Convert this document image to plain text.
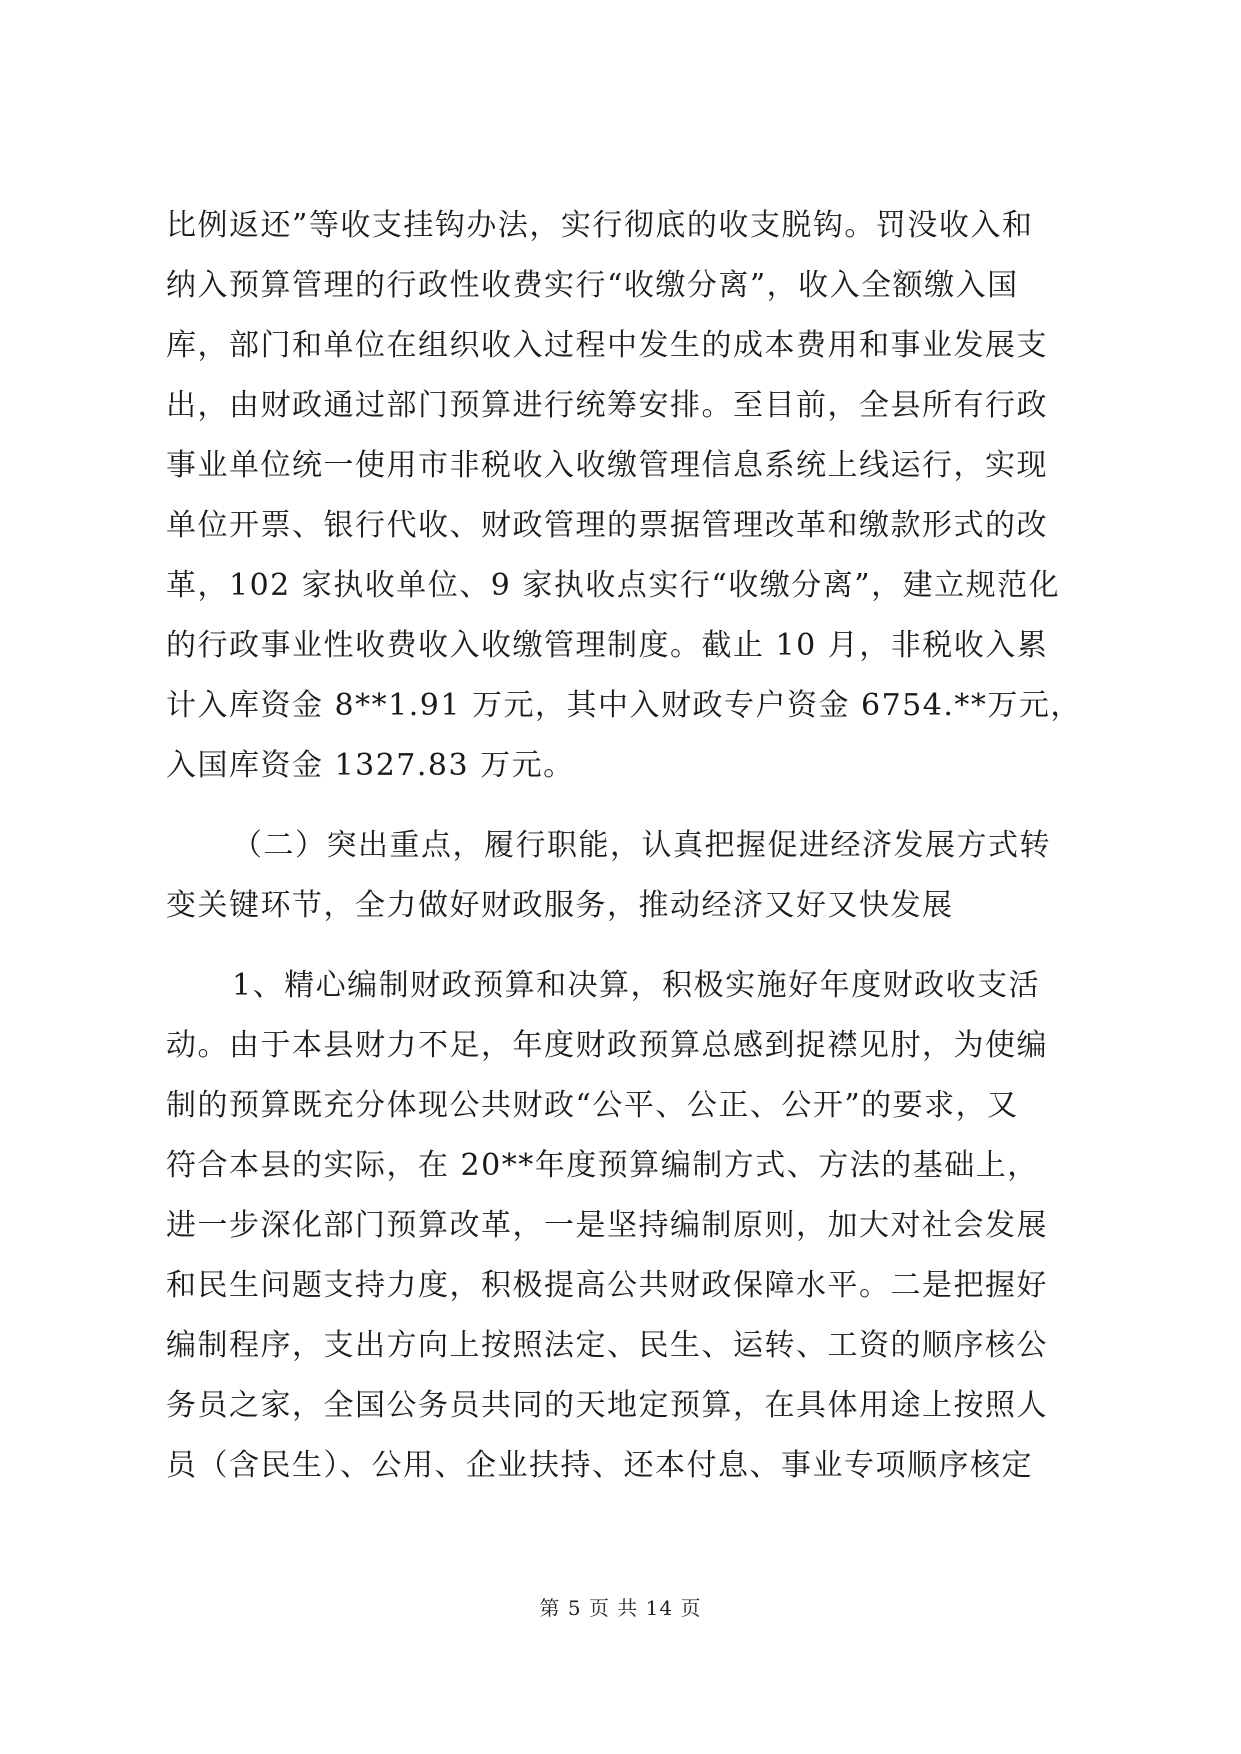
比例返还”等收支挂钩办法，实行彻底的收支脱钩。罚没收入和
纳入预算管理的行政性收费实行“收缴分离”，收入全额缴入国
库，部门和单位在组织收入过程中发生的成本费用和事业发展支
出，由财政通过部门预算进行统筹安排。至目前，全县所有行政
事业单位统一使用市非税收入收缴管理信息系统上线运行，实现
单位开票、银行代收、财政管理的票据管理改革和缴款形式的改
革，102 家执收单位、9 家执收点实行“收缴分离”，建立规范化
的行政事业性收费收入收缴管理制度。截止 10 月，非税收入累
计入库资金 8**1.91 万元，其中入财政专户资金 6754.**万元，
入国库资金 1327.83 万元。
（二）突出重点，履行职能，认真把握促进经济发展方式转
变关键环节，全力做好财政服务，推动经济又好又快发展
1、精心编制财政预算和决算，积极实施好年度财政收支活
动。由于本县财力不足，年度财政预算总感到捉襟见肘，为使编
制的预算既充分体现公共财政“公平、公正、公开”的要求，又
符合本县的实际，在 20**年度预算编制方式、方法的基础上，
进一步深化部门预算改革，一是坚持编制原则，加大对社会发展
和民生问题支持力度，积极提高公共财政保障水平。二是把握好
编制程序，支出方向上按照法定、民生、运转、工资的顺序核公
务员之家，全国公务员共同的天地定预算，在具体用途上按照人
员（含民生）、公用、企业扶持、还本付息、事业专项顺序核定
第 5 页 共 14 页
